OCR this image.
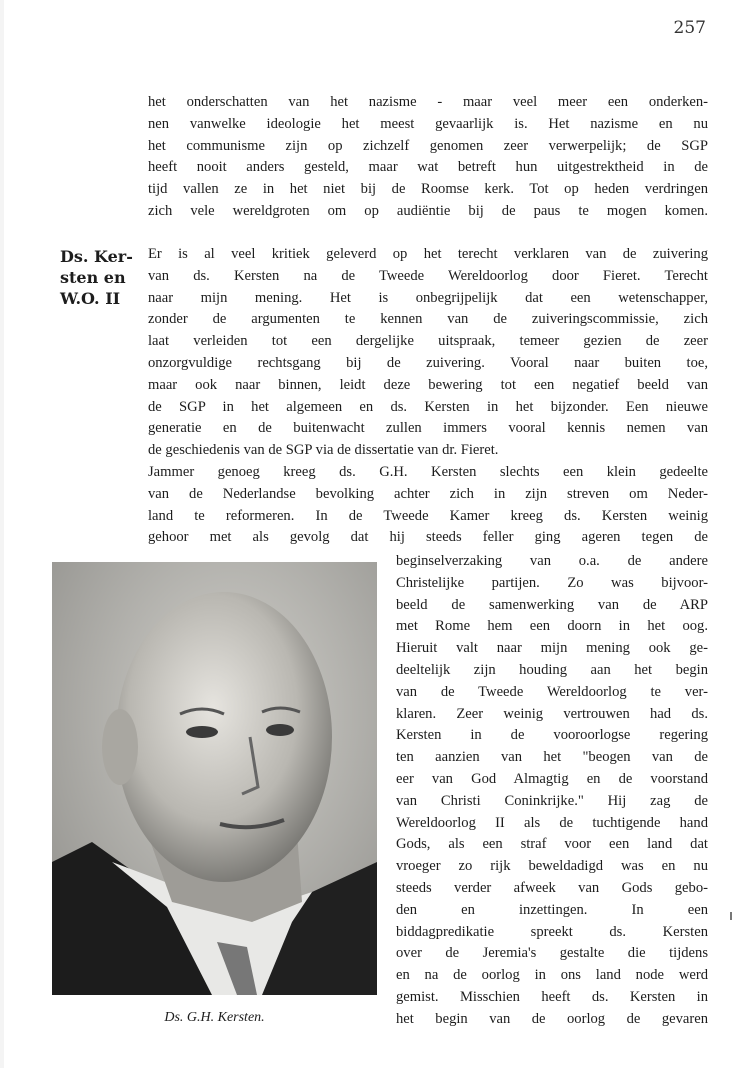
257
het onderschatten van het nazisme - maar veel meer een onderken-
nen vanwelke ideologie het meest gevaarlijk is. Het nazisme en nu
het communisme zijn op zichzelf genomen zeer verwerpelijk; de SGP
heeft nooit anders gesteld, maar wat betreft hun uitgestrektheid in de
tijd vallen ze in het niet bij de Roomse kerk. Tot op heden verdringen
zich vele wereldgroten om op audiëntie bij de paus te mogen komen.
Ds. Ker-
sten en
W.O. II
Er is al veel kritiek geleverd op het terecht verklaren van de zuivering
van ds. Kersten na de Tweede Wereldoorlog door Fieret. Terecht
naar mijn mening. Het is onbegrijpelijk dat een wetenschapper,
zonder de argumenten te kennen van de zuiveringscommissie, zich
laat verleiden tot een dergelijke uitspraak, temeer gezien de zeer
onzorgvuldige rechtsgang bij de zuivering. Vooral naar buiten toe,
maar ook naar binnen, leidt deze bewering tot een negatief beeld van
de SGP in het algemeen en ds. Kersten in het bijzonder. Een nieuwe
generatie en de buitenwacht zullen immers vooral kennis nemen van
de geschiedenis van de SGP via de dissertatie van dr. Fieret.
Jammer genoeg kreeg ds. G.H. Kersten slechts een klein gedeelte
van de Nederlandse bevolking achter zich in zijn streven om Neder-
land te reformeren. In de Tweede Kamer kreeg ds. Kersten weinig
gehoor met als gevolg dat hij steeds feller ging ageren tegen de
Ds. G.H. Kersten.
beginselverzaking van o.a. de andere
Christelijke partijen. Zo was bijvoor-
beeld de samenwerking van de ARP
met Rome hem een doorn in het oog.
Hieruit valt naar mijn mening ook ge-
deeltelijk zijn houding aan het begin
van de Tweede Wereldoorlog te ver-
klaren. Zeer weinig vertrouwen had ds.
Kersten in de vooroorlogse regering
ten aanzien van het "beogen van de
eer van God Almagtig en de voorstand
van Christi Coninkrijke." Hij zag de
Wereldoorlog II als de tuchtigende hand
Gods, als een straf voor een land dat
vroeger zo rijk beweldadigd was en nu
steeds verder afweek van Gods gebo-
den en inzettingen. In een
biddagpredikatie spreekt ds. Kersten
over de Jeremia's gestalte die tijdens
en na de oorlog in ons land node werd
gemist. Misschien heeft ds. Kersten in
het begin van de oorlog de gevaren
